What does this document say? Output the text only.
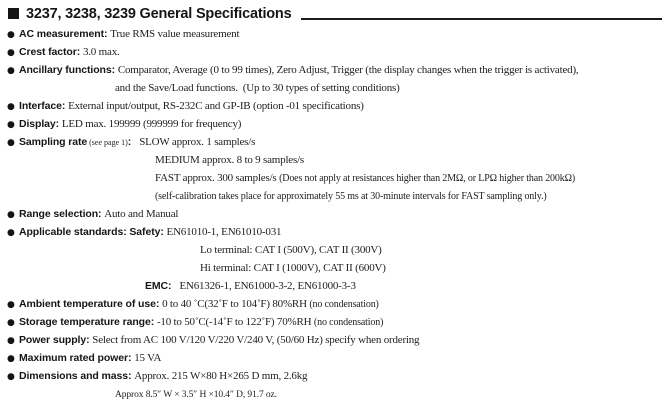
3237, 3238, 3239 General Specifications
● AC measurement: True RMS value measurement
● Crest factor: 3.0 max.
● Ancillary functions: Comparator, Average (0 to 99 times), Zero Adjust, Trigger (the display changes when the trigger is activated),
and the Save/Load functions.  (Up to 30 types of setting conditions)
● Interface: External input/output, RS-232C and GP-IB (option -01 specifications)
● Display: LED max. 199999 (999999 for frequency)
● Sampling rate (see page 1): SLOW approx. 1 samples/s
MEDIUM approx. 8 to 9 samples/s
FAST approx. 300 samples/s (Does not apply at resistances higher than 2MΩ, or LPΩ higher than 200kΩ)
(self-calibration takes place for approximately 55 ms at 30-minute intervals for FAST sampling only.)
● Range selection: Auto and Manual
● Applicable standards: Safety: EN61010-1, EN61010-031
Lo terminal: CAT I (500V), CAT II (300V)
Hi terminal: CAT I (1000V), CAT II (600V)
EMC: EN61326-1, EN61000-3-2, EN61000-3-3
● Ambient temperature of use: 0 to 40 ˚C(32˚F to 104˚F) 80%RH (no condensation)
● Storage temperature range: -10 to 50˚C(-14˚F to 122˚F) 70%RH (no condensation)
● Power supply: Select from AC 100 V/120 V/220 V/240 V, (50/60 Hz) specify when ordering
● Maximum rated power: 15 VA
● Dimensions and mass: Approx. 215 W×80 H×265 D mm, 2.6kg
Approx 8.5″ W × 3.5″ H ×10.4″ D, 91.7 oz.
